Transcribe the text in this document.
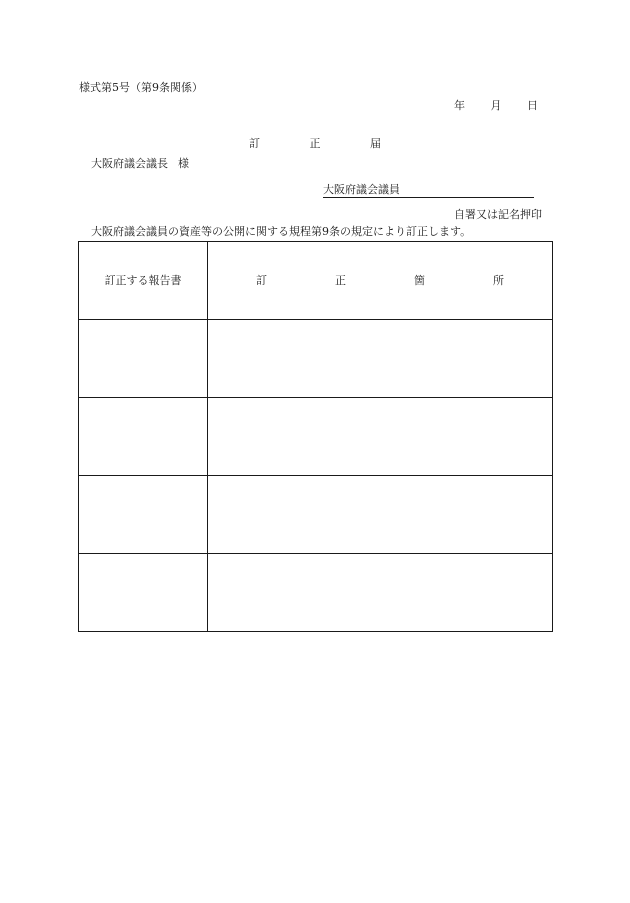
様式第5号（第9条関係）
年 月 日
訂	正	届
大阪府議会議長 様
大阪府議会議員
自署又は記名押印
大阪府議会議員の資産等の公開に関する規程第9条の規定により訂正します。
訂正する報告書	訂 正 箇 所
